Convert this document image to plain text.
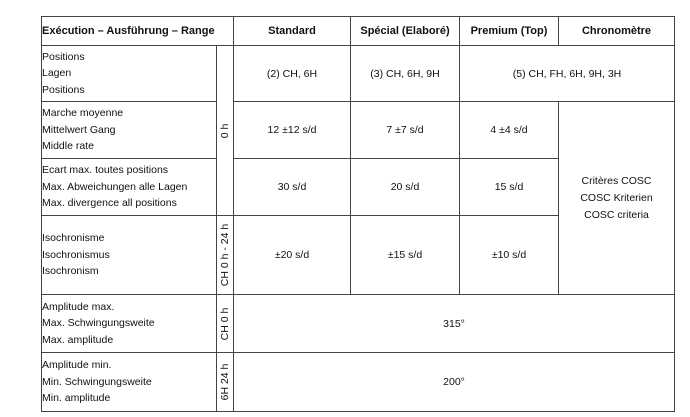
Exécution – Ausführung – Range		Standard	Spécial (Elaboré)	Premium (Top)	Chronomètre

Positions
Lagen
Positions	0 h	(2) CH, 6H	(3) CH, 6H, 9H	(5) CH, FH, 6H, 9H, 3H	

Marche moyenne
Mittelwert Gang
Middle rate		12 ±12 s/d	7 ±7 s/d	4 ±4 s/d	Critères COSC
COSC Kriterien
COSC criteria

Ecart max. toutes positions
Max. Abweichungen alle Lagen
Max. divergence all positions		30 s/d	20 s/d	15 s/d	

Isochronisme
Isochronismus
Isochronism	CH 0 h - 24 h	±20 s/d	±15 s/d	±10 s/d	

Amplitude max.
Max. Schwingungsweite
Max. amplitude	CH 0 h	315°			

Amplitude min.
Min. Schwingungsweite
Min. amplitude	6H 24 h	200°			
